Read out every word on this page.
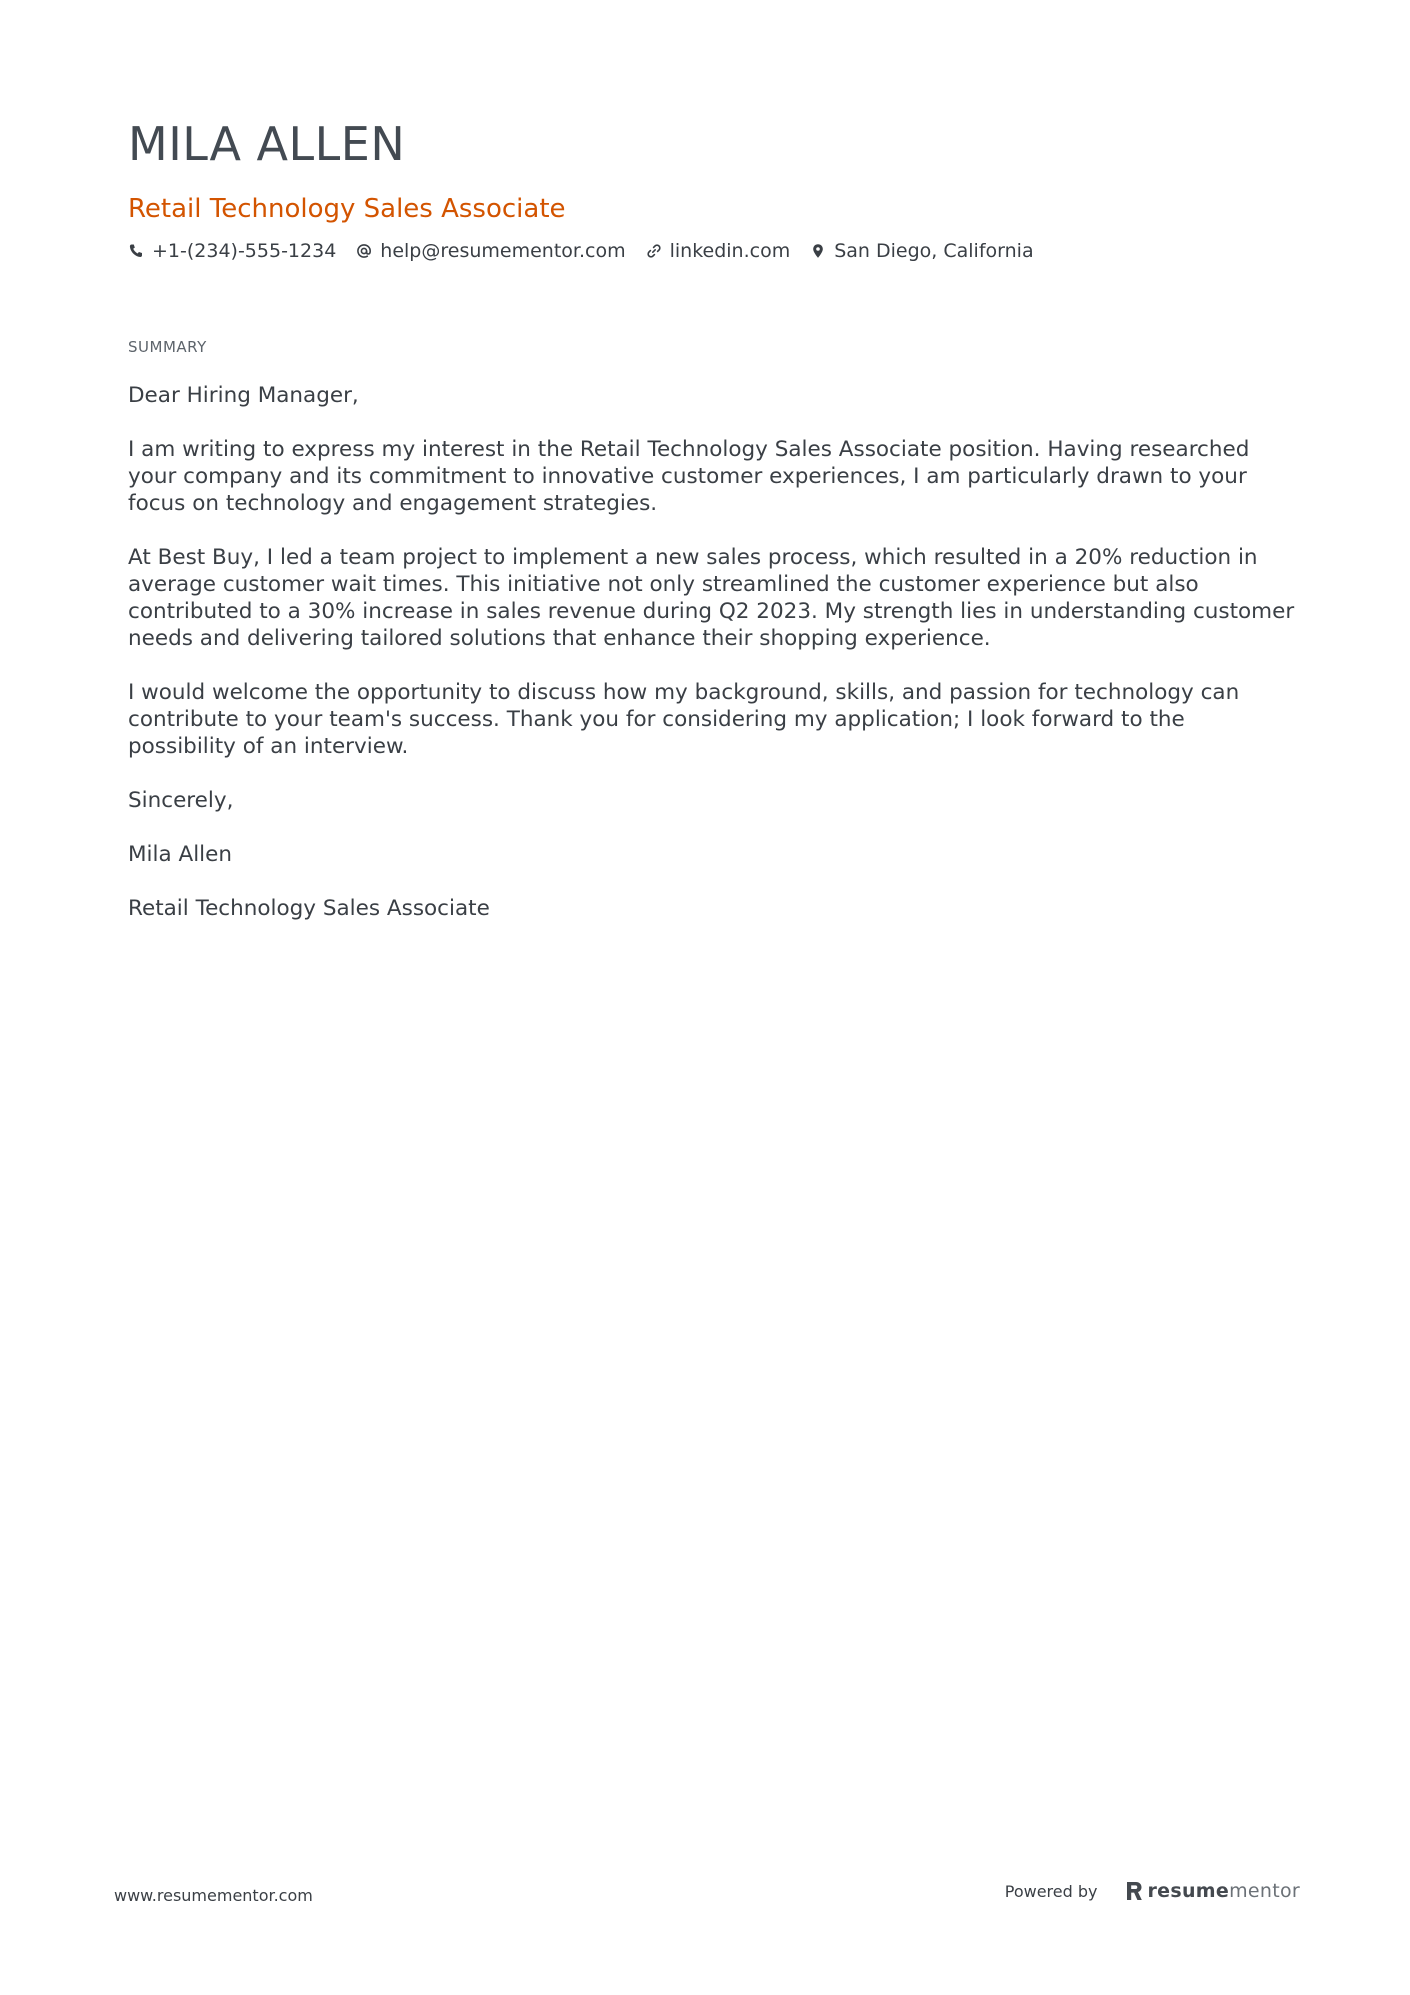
MILA ALLEN
Retail Technology Sales Associate
+1-(234)-555-1234 help@resumementor.com linkedin.com San Diego, California
SUMMARY

Dear Hiring Manager,

I am writing to express my interest in the Retail Technology Sales Associate position. Having researched your company and its commitment to innovative customer experiences, I am particularly drawn to your focus on technology and engagement strategies.

At Best Buy, I led a team project to implement a new sales process, which resulted in a 20% reduction in average customer wait times. This initiative not only streamlined the customer experience but also contributed to a 30% increase in sales revenue during Q2 2023. My strength lies in understanding customer needs and delivering tailored solutions that enhance their shopping experience.

I would welcome the opportunity to discuss how my background, skills, and passion for technology can contribute to your team's success. Thank you for considering my application; I look forward to the possibility of an interview.

Sincerely,

Mila Allen

Retail Technology Sales Associate

www.resumementor.com	Powered by	resume mentor
